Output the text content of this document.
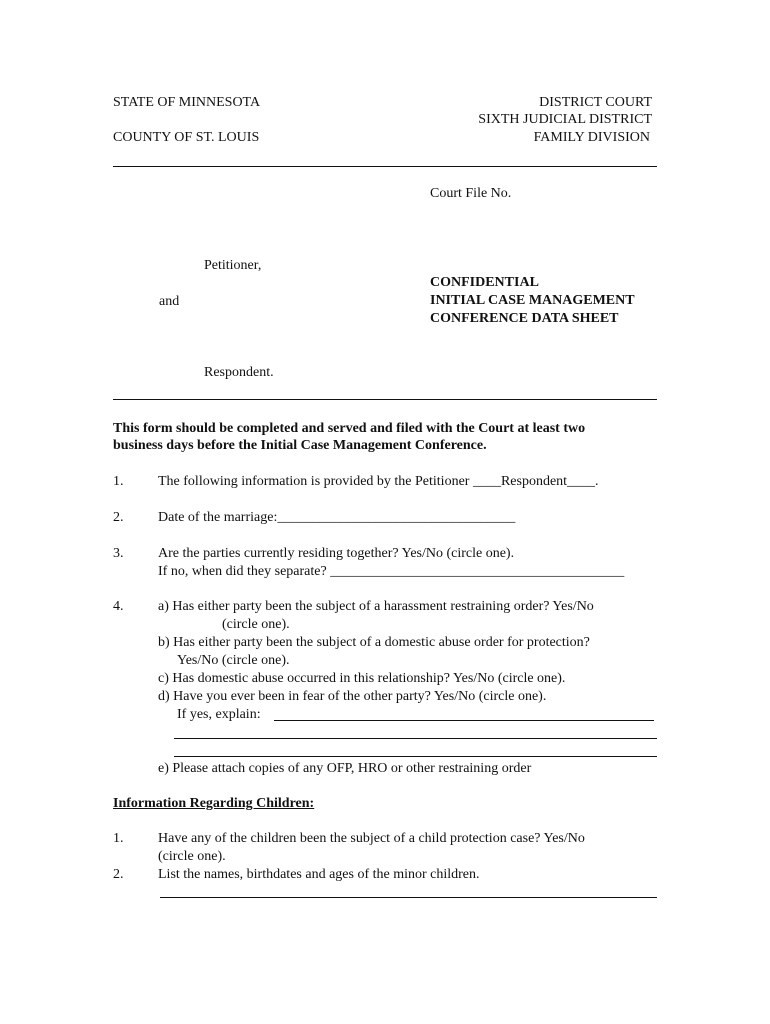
STATE OF MINNESOTA
COUNTY OF ST. LOUIS
DISTRICT COURT
SIXTH JUDICIAL DISTRICT
FAMILY DIVISION
Court File No.
Petitioner,
and
Respondent.
CONFIDENTIAL
INITIAL CASE MANAGEMENT
CONFERENCE DATA SHEET
This form should be completed and served and filed with the Court at least two
business days before the Initial Case Management Conference.
1. The following information is provided by the Petitioner ____Respondent____.
2. Date of the marriage:__________________________________
3. Are the parties currently residing together? Yes/No (circle one).
If no, when did they separate? __________________________________________
4. a) Has either party been the subject of a harassment restraining order? Yes/No
(circle one).
b) Has either party been the subject of a domestic abuse order for protection?
Yes/No (circle one).
c) Has domestic abuse occurred in this relationship? Yes/No (circle one).
d) Have you ever been in fear of the other party? Yes/No (circle one).
If yes, explain:
e) Please attach copies of any OFP, HRO or other restraining order
Information Regarding Children:
1. Have any of the children been the subject of a child protection case? Yes/No
(circle one).
2. List the names, birthdates and ages of the minor children.
